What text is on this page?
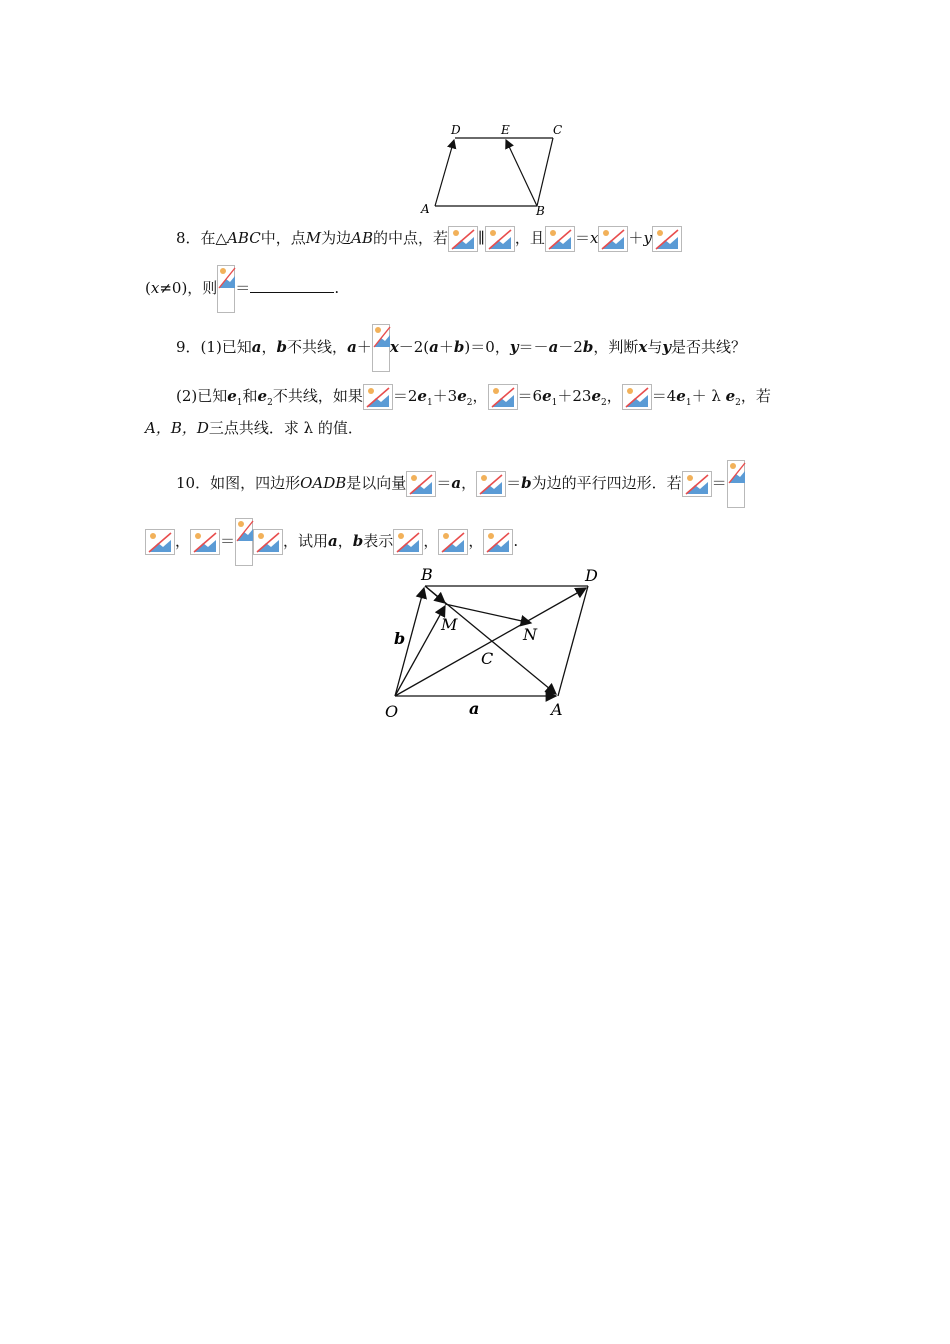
D	E	C
A	B
8．在△ABC中，点M为边AB的中点，若 ∥ ，且 ＝x ＋y
(x≠0)，则 ＝	.
9．(1)已知a，b不共线，a＋ x－2(a＋b)＝0，y＝－a－2b，判断x与y是否共线？
(2)已知$e_1$和$e_2$不共线，如果 $=2e_1+3e_2$， $=6e_1+23e_2$， $=4e_1+ \lambda$ $e_2$，若
A，B，D三点共线．求 λ 的值．
10．如图，四边形OADB是以向量 ＝a， ＝b为边的平行四边形．若 ＝
， ＝	，试用a，b表示 ， ， .
B	D
M
N
C
b
a
O	A
